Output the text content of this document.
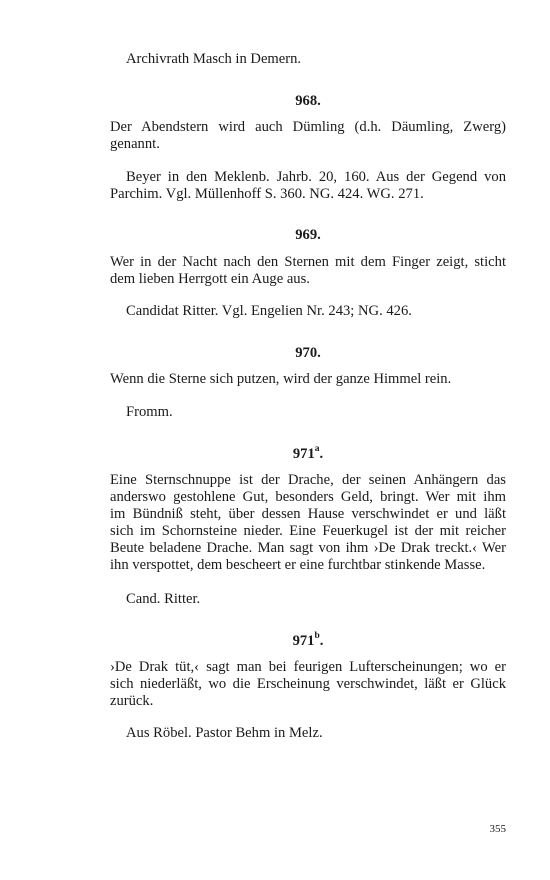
Archivrath Masch in Demern.
968.
Der Abendstern wird auch Dümling (d.h. Däumling, Zwerg)
genannt.
Beyer in den Meklenb. Jahrb. 20, 160. Aus der Gegend von
Parchim. Vgl. Müllenhoff S. 360. NG. 424. WG. 271.
969.
Wer in der Nacht nach den Sternen mit dem Finger zeigt, sticht
dem lieben Herrgott ein Auge aus.
Candidat Ritter. Vgl. Engelien Nr. 243; NG. 426.
970.
Wenn die Sterne sich putzen, wird der ganze Himmel rein.
Fromm.
971$^a$.
Eine Sternschnuppe ist der Drache, der seinen Anhängern das
anderswo gestohlene Gut, besonders Geld, bringt. Wer mit ihm
im Bündniß steht, über dessen Hause verschwindet er und läßt
sich im Schornsteine nieder. Eine Feuerkugel ist der mit reicher
Beute beladene Drache. Man sagt von ihm ›De Drak treckt.‹ Wer
ihn verspottet, dem bescheert er eine furchtbar stinkende Masse.
Cand. Ritter.
971$^b$.
›De Drak tüt,‹ sagt man bei feurigen Lufterscheinungen; wo er
sich niederläßt, wo die Erscheinung verschwindet, läßt er Glück
zurück.
Aus Röbel. Pastor Behm in Melz.
355
